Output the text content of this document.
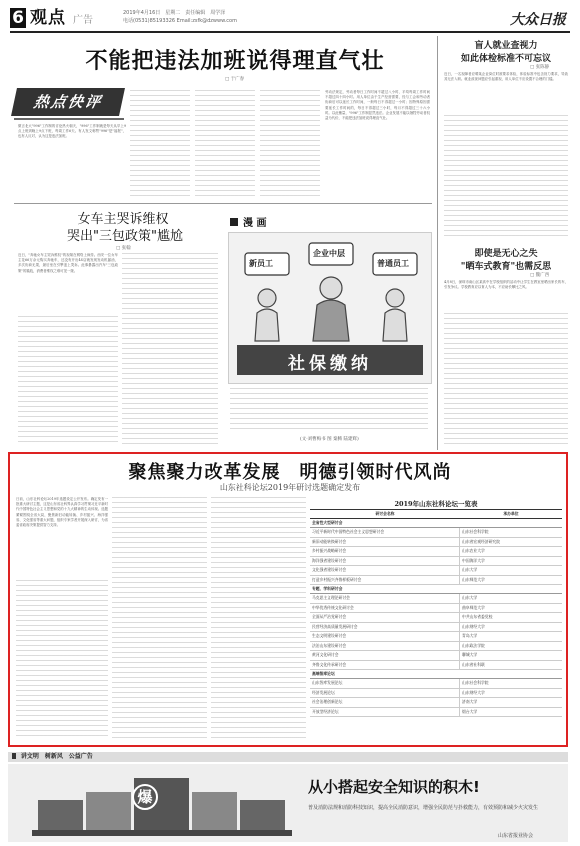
6 观点 广告
2019年4月16日　星期二　责任编辑　周学泽
电话(0531)85193326 Email:zsfk@dzwww.com	大众日报
不能把违法加班说得理直气壮
□ 于广春
热点快评
微言北大"996"工作制的讨论热火朝天，"996"工作制就是每天从早上9点上班到晚上9点下班，每周工作6天。有人发文称赞"996"是"福报"，也有人反对，认为这是违法加班。
劳动法规定，劳动者每日工作时间不超过八小时、平均每周工作时间不超过四十四小时。用人单位由于生产经营需要，经与工会和劳动者协商后可以延长工作时间，一般每日不得超过一小时；因特殊原因需要延长工作时间的，每日不得超过三小时，每月不得超过三十六小时。以此衡量，"996"工作制显然违法。企业发展不能以牺牲劳动者权益为代价，不能把违法加班说得理直气壮。
女车主哭诉维权
哭出"三包政策"尴尬
□ 张翰
近日，"奔驰女车主哭诉维权"的视频在网络上疯传。西安一位女车主花66万余元购买奔驰车，还没有开出4S店就发现发动机漏油，多次协商无果，最后坐在引擎盖上哭诉。此事暴露出汽车"三包政策"的尴尬，消费者维权之难可见一斑。
漫 画
新员工
企业中层
普通员工
社保缴纳
(文·刘曹梅书 图 秦腾 陆建辉)
盲人就业查视力
如此体检标准不可忘议
□ 张陈静
近日，一名视障者应聘某企业岗位时被要求体检，体检标准中包含视力要求，导致其无法入职。就业歧视问题应引起重视，用人单位不应设置不合理的门槛。
即使是无心之失
"晒车式教育"也需反思
□ 魏广西
4月8日，深圳市南山区某高中在学校组织的活动中让学生在教室里晒出家长的车，引发争议。学校教育应以育人为本，不应助长攀比之风。
聚焦聚力改革发展　明德引领时代风尚
山东社科论坛2019年研讨选题确定发布
日前，山东社科论坛2019年选题设定公开发布。确定发布一批重大研讨主题，这是山东省社科界认真学习贯彻习近平新时代中国特色社会主义思想和党的十九大精神的生动体现。选题紧紧围绕全省大局，聚焦新旧动能转换、乡村振兴、海洋强省、文化强省等重大问题，组织专家学者开展深入研讨，为省委省政府决策提供智力支持。
2019年山东社科论坛一览表
研讨会名称	承办单位
全省性大型研讨会
习近平新时代中国特色社会主义思想研讨会	山东社会科学院
新旧动能转换研讨会	山东省宏观经济研究院
乡村振兴战略研讨会	山东农业大学
海洋强省建设研讨会	中国海洋大学
文化强省建设研讨会	山东大学
打造乡村振兴齐鲁样板研讨会	山东师范大学
专题、学科研讨会
马克思主义理论研讨会	山东大学
中华优秀传统文化研讨会	曲阜师范大学
全面从严治党研讨会	中共山东省委党校
民营经济高质量发展研讨会	山东财经大学
生态文明建设研讨会	青岛大学
法治山东建设研讨会	山东政法学院
黄河文化研讨会	聊城大学
齐鲁文化传承研讨会	山东省社科联
高端智库论坛
山东智库发展论坛	山东社会科学院
经济发展论坛	山东财经大学
社会治理创新论坛	济南大学
开放型经济论坛	烟台大学
讲文明 树新风 公益广告
爆
从小搭起安全知识的积木!
普及消防法规和消防科技知识，提高全民消防意识，增强全民防范与扑救能力，有效预防和减少火灾发生
山东省报业协会
